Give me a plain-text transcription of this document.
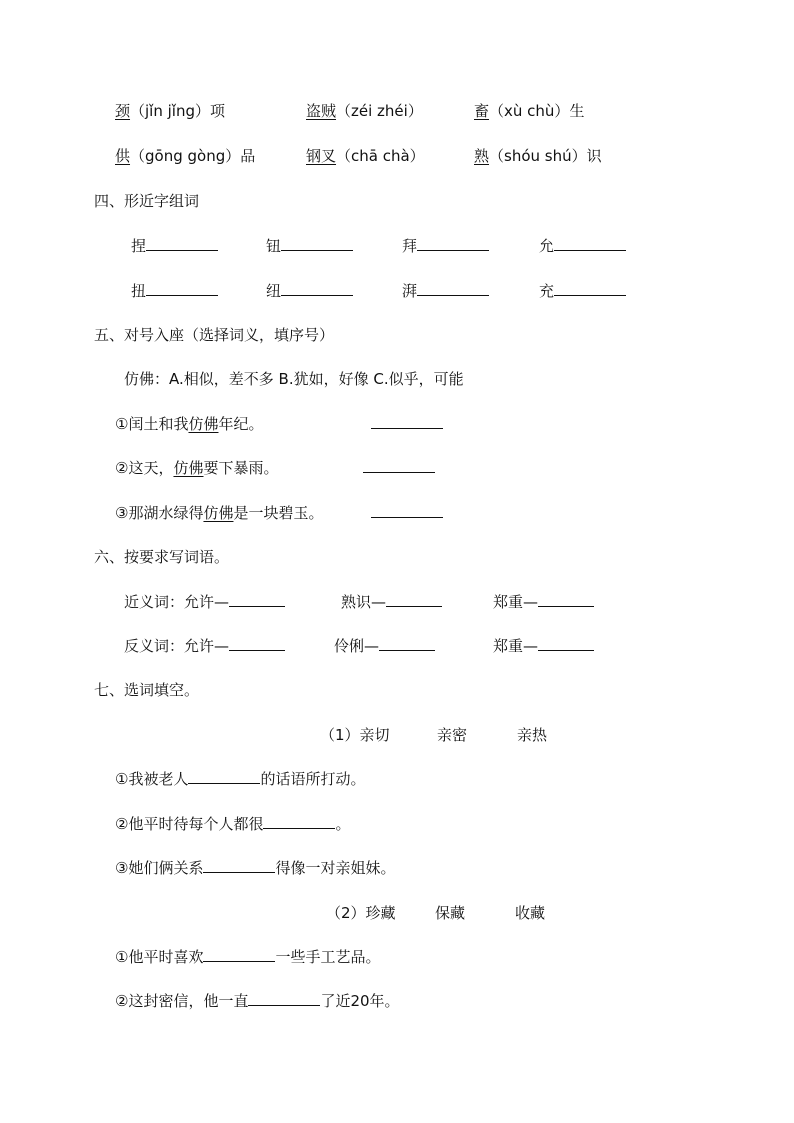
颈（jǐn jǐng）项	盗贼（zéi zhéi）	畜（xù chù）生
供（gōng gòng）品	钢叉（chā chà）	熟（shóu shú）识
四、形近字组词
捏	钮	拜	允
扭	纽	湃	充
五、对号入座（选择词义，填序号）
仿佛：A.相似，差不多 B.犹如，好像 C.似乎，可能
①闰土和我仿佛年纪。
②这天，仿佛要下暴雨。
③那湖水绿得仿佛是一块碧玉。
六、按要求写词语。
近义词：允许—	熟识—	郑重—
反义词：允许—	伶俐—	郑重—
七、选词填空。
（1）亲切	亲密	亲热
①我被老人	的话语所打动。
②他平时待每个人都很	。
③她们俩关系	得像一对亲姐妹。
（2）珍藏	保藏	收藏
①他平时喜欢	一些手工艺品。
②这封密信，他一直	了近20年。
